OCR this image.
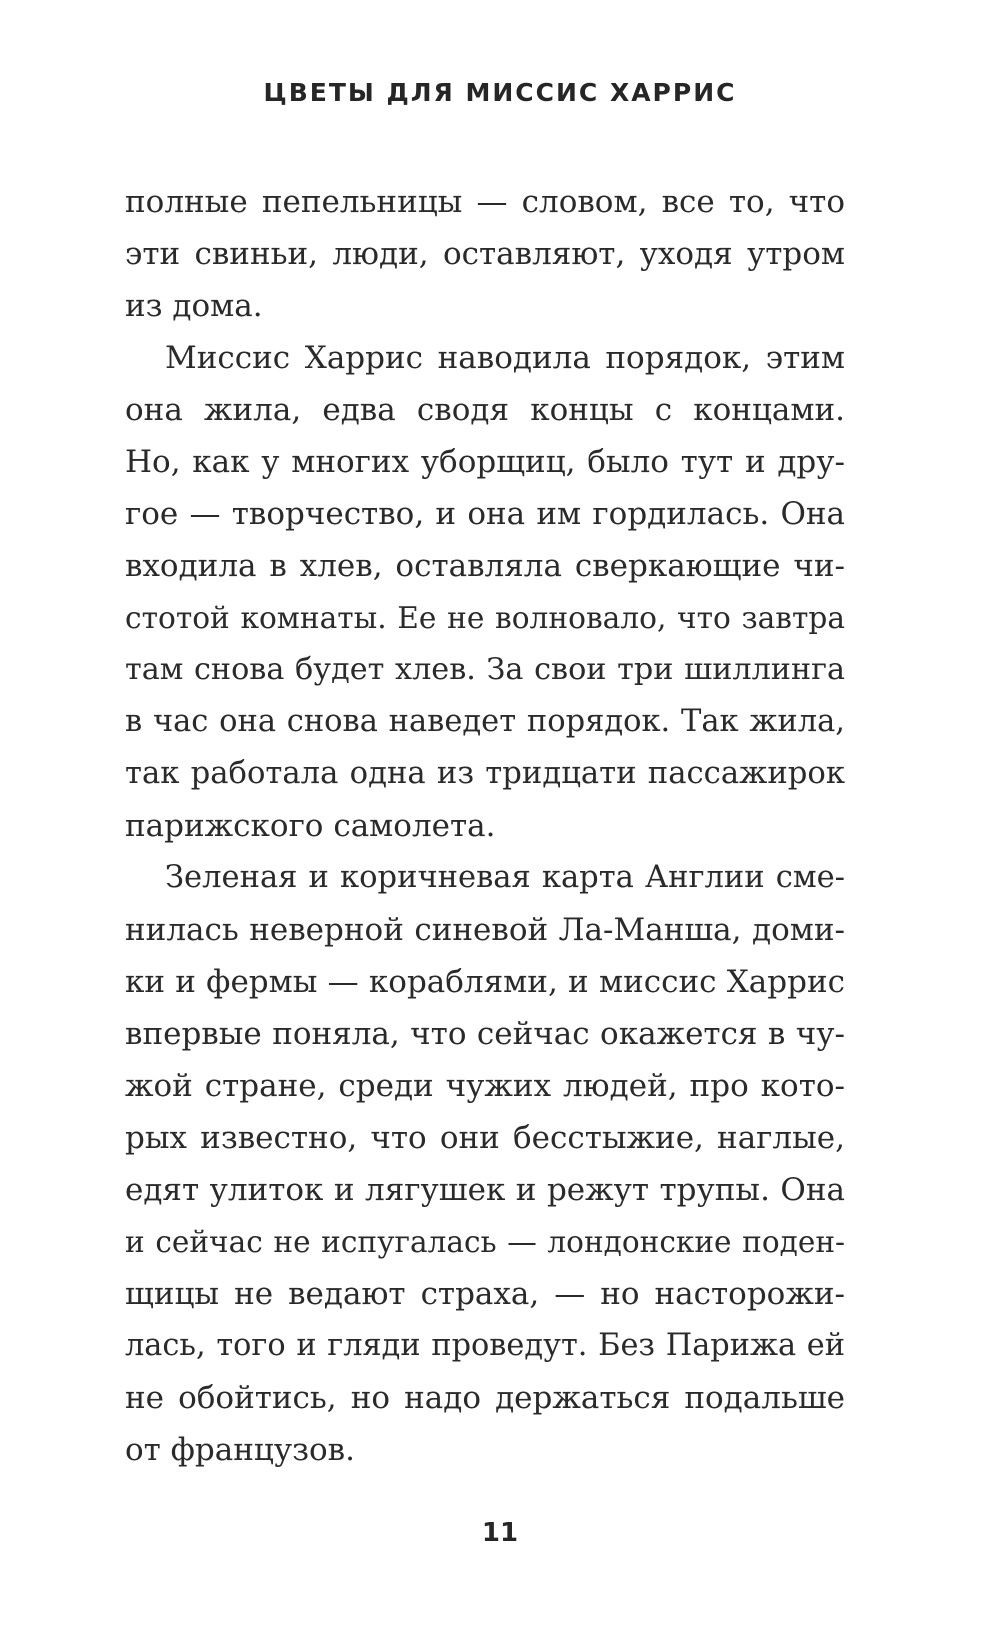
ЦВЕТЫ ДЛЯ МИССИС ХАРРИС
полные пепельницы — словом, все то, что
эти свиньи, люди, оставляют, уходя утром
из дома.
Миссис Харрис наводила порядок, этим
она жила, едва сводя концы с концами.
Но, как у многих уборщиц, было тут и дру-
гое — творчество, и она им гордилась. Она
входила в хлев, оставляла сверкающие чи-
стотой комнаты. Ее не волновало, что завтра
там снова будет хлев. За свои три шиллинга
в час она снова наведет порядок. Так жила,
так работала одна из тридцати пассажирок
парижского самолета.
Зеленая и коричневая карта Англии сме-
нилась неверной синевой Ла-Манша, доми-
ки и фермы — кораблями, и миссис Харрис
впервые поняла, что сейчас окажется в чу-
жой стране, среди чужих людей, про кото-
рых известно, что они бесстыжие, наглые,
едят улиток и лягушек и режут трупы. Она
и сейчас не испугалась — лондонские поден-
щицы не ведают страха, — но насторожи-
лась, того и гляди проведут. Без Парижа ей
не обойтись, но надо держаться подальше
от французов.
11
